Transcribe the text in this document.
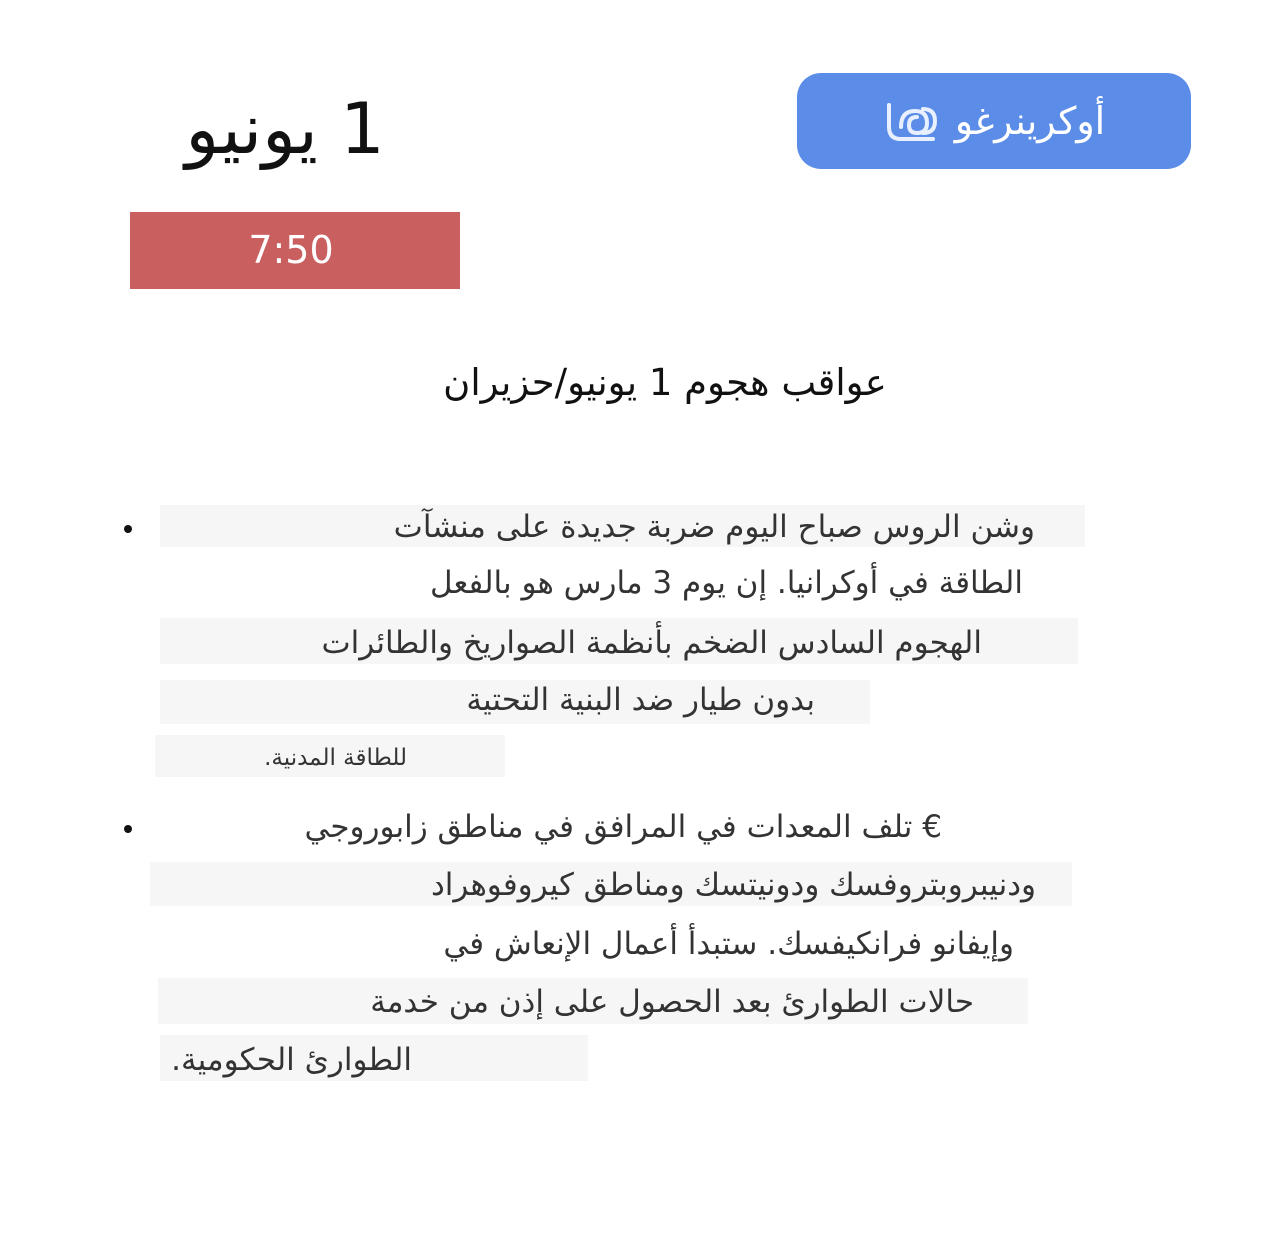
1 يونيو
7:50
أوكرينرغو
عواقب هجوم 1 يونيو/حزيران
وشن الروس صباح اليوم ضربة جديدة على منشآت
الطاقة في أوكرانيا. إن يوم 3 مارس هو بالفعل
الهجوم السادس الضخم بأنظمة الصواريخ والطائرات
بدون طيار ضد البنية التحتية
للطاقة المدنية.
€ تلف المعدات في المرافق في مناطق زابوروجي
ودنيبروبتروفسك ودونيتسك ومناطق كيروفوهراد
وإيفانو فرانكيفسك. ستبدأ أعمال الإنعاش في
حالات الطوارئ بعد الحصول على إذن من خدمة
الطوارئ الحكومية.
